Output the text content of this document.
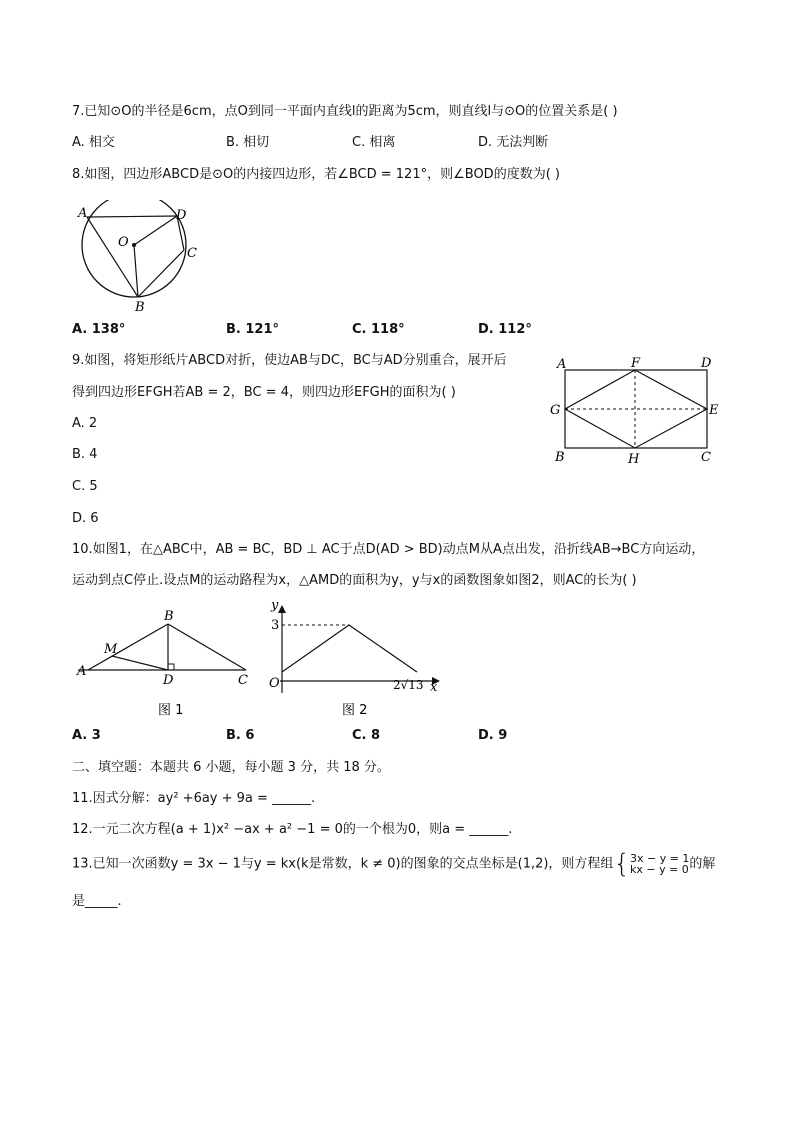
7.已知⊙O的半径是6cm，点O到同一平面内直线l的距离为5cm，则直线l与⊙O的位置关系是( )
A. 相交	B. 相切	C. 相离	D. 无法判断
8.如图，四边形ABCD是⊙O的内接四边形，若∠BCD = 121°，则∠BOD的度数为( )
A	D
O
C
B
A. 138°	B. 121°	C. 118°	D. 112°
9.如图，将矩形纸片ABCD对折，使边AB与DC，BC与AD分别重合，展开后
得到四边形EFGH若AB = 2，BC = 4，则四边形EFGH的面积为( )
A. 2
B. 4
C. 5
D. 6
A	F	D
G	E
B	H	C
10.如图1，在△ABC中，AB = BC，BD ⊥ AC于点D(AD > BD)动点M从A点出发，沿折线AB→BC方向运动，
运动到点C停止.设点M的运动路程为x，△AMD的面积为y，y与x的函数图象如图2，则AC的长为( )
B
M
A
D	C
图 1
y
3
O	2√13 x
图 2
A. 3	B. 6	C. 8	D. 9
二、填空题：本题共 6 小题，每小题 3 分，共 18 分。
11.因式分解：ay² +6ay + 9a = ______.
12.一元二次方程(a + 1)x² −ax + a² −1 = 0的一个根为0，则a = ______.
13.已知一次函数y = 3x − 1与y = kx(k是常数，k ≠ 0)的图象的交点坐标是(1,2)，则方程组{ 3x − y = 1
kx − y = 0 的解
是_____.
